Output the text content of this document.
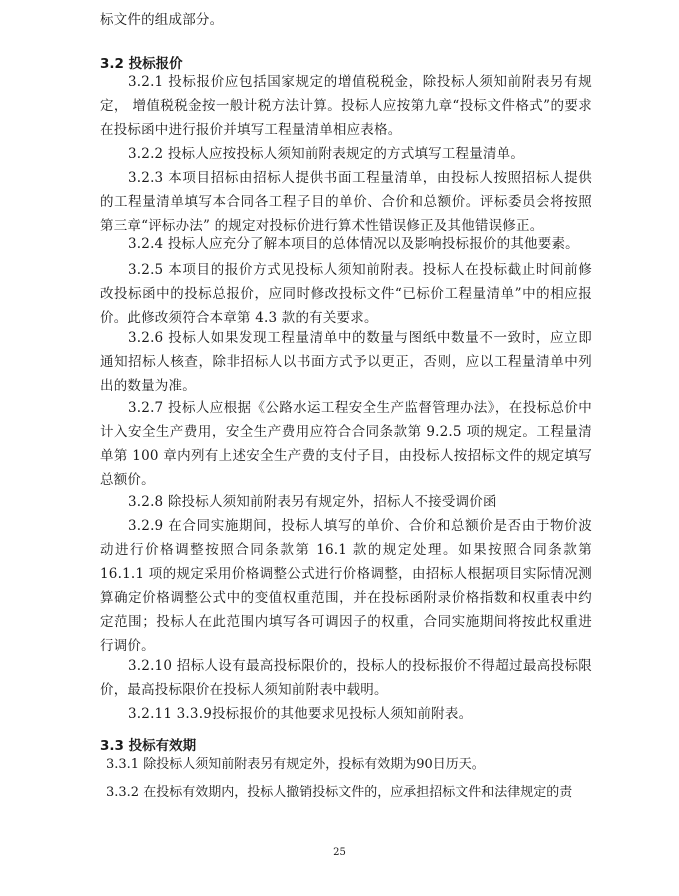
标文件的组成部分。

3.2 投标报价

3.2.1 投标报价应包括国家规定的增值税税金，除投标人须知前附表另有规定， 增值税税金按一般计税方法计算。投标人应按第九章“投标文件格式”的要求在投标函中进行报价并填写工程量清单相应表格。

3.2.2 投标人应按投标人须知前附表规定的方式填写工程量清单。

3.2.3 本项目招标由招标人提供书面工程量清单，由投标人按照招标人提供的工程量清单填写本合同各工程子目的单价、合价和总额价。评标委员会将按照第三章“评标办法” 的规定对投标价进行算术性错误修正及其他错误修正。

3.2.4 投标人应充分了解本项目的总体情况以及影响投标报价的其他要素。

3.2.5 本项目的报价方式见投标人须知前附表。投标人在投标截止时间前修改投标函中的投标总报价，应同时修改投标文件“已标价工程量清单”中的相应报价。此修改须符合本章第 4.3 款的有关要求。

3.2.6 投标人如果发现工程量清单中的数量与图纸中数量不一致时，应立即通知招标人核查，除非招标人以书面方式予以更正，否则，应以工程量清单中列出的数量为准。

3.2.7 投标人应根据《公路水运工程安全生产监督管理办法》，在投标总价中计入安全生产费用，安全生产费用应符合合同条款第 9.2.5 项的规定。工程量清单第 100 章内列有上述安全生产费的支付子目，由投标人按招标文件的规定填写总额价。

3.2.8 除投标人须知前附表另有规定外，招标人不接受调价函

3.2.9 在合同实施期间，投标人填写的单价、合价和总额价是否由于物价波动进行价格调整按照合同条款第 16.1 款的规定处理。如果按照合同条款第16.1.1 项的规定采用价格调整公式进行价格调整，由招标人根据项目实际情况测算确定价格调整公式中的变值权重范围，并在投标函附录价格指数和权重表中约定范围；投标人在此范围内填写各可调因子的权重，合同实施期间将按此权重进行调价。

3.2.10 招标人设有最高投标限价的，投标人的投标报价不得超过最高投标限价，最高投标限价在投标人须知前附表中载明。

3.2.11 3.3.9投标报价的其他要求见投标人须知前附表。

3.3 投标有效期

3.3.1 除投标人须知前附表另有规定外，投标有效期为90日历天。

3.3.2 在投标有效期内，投标人撤销投标文件的，应承担招标文件和法律规定的责

25
